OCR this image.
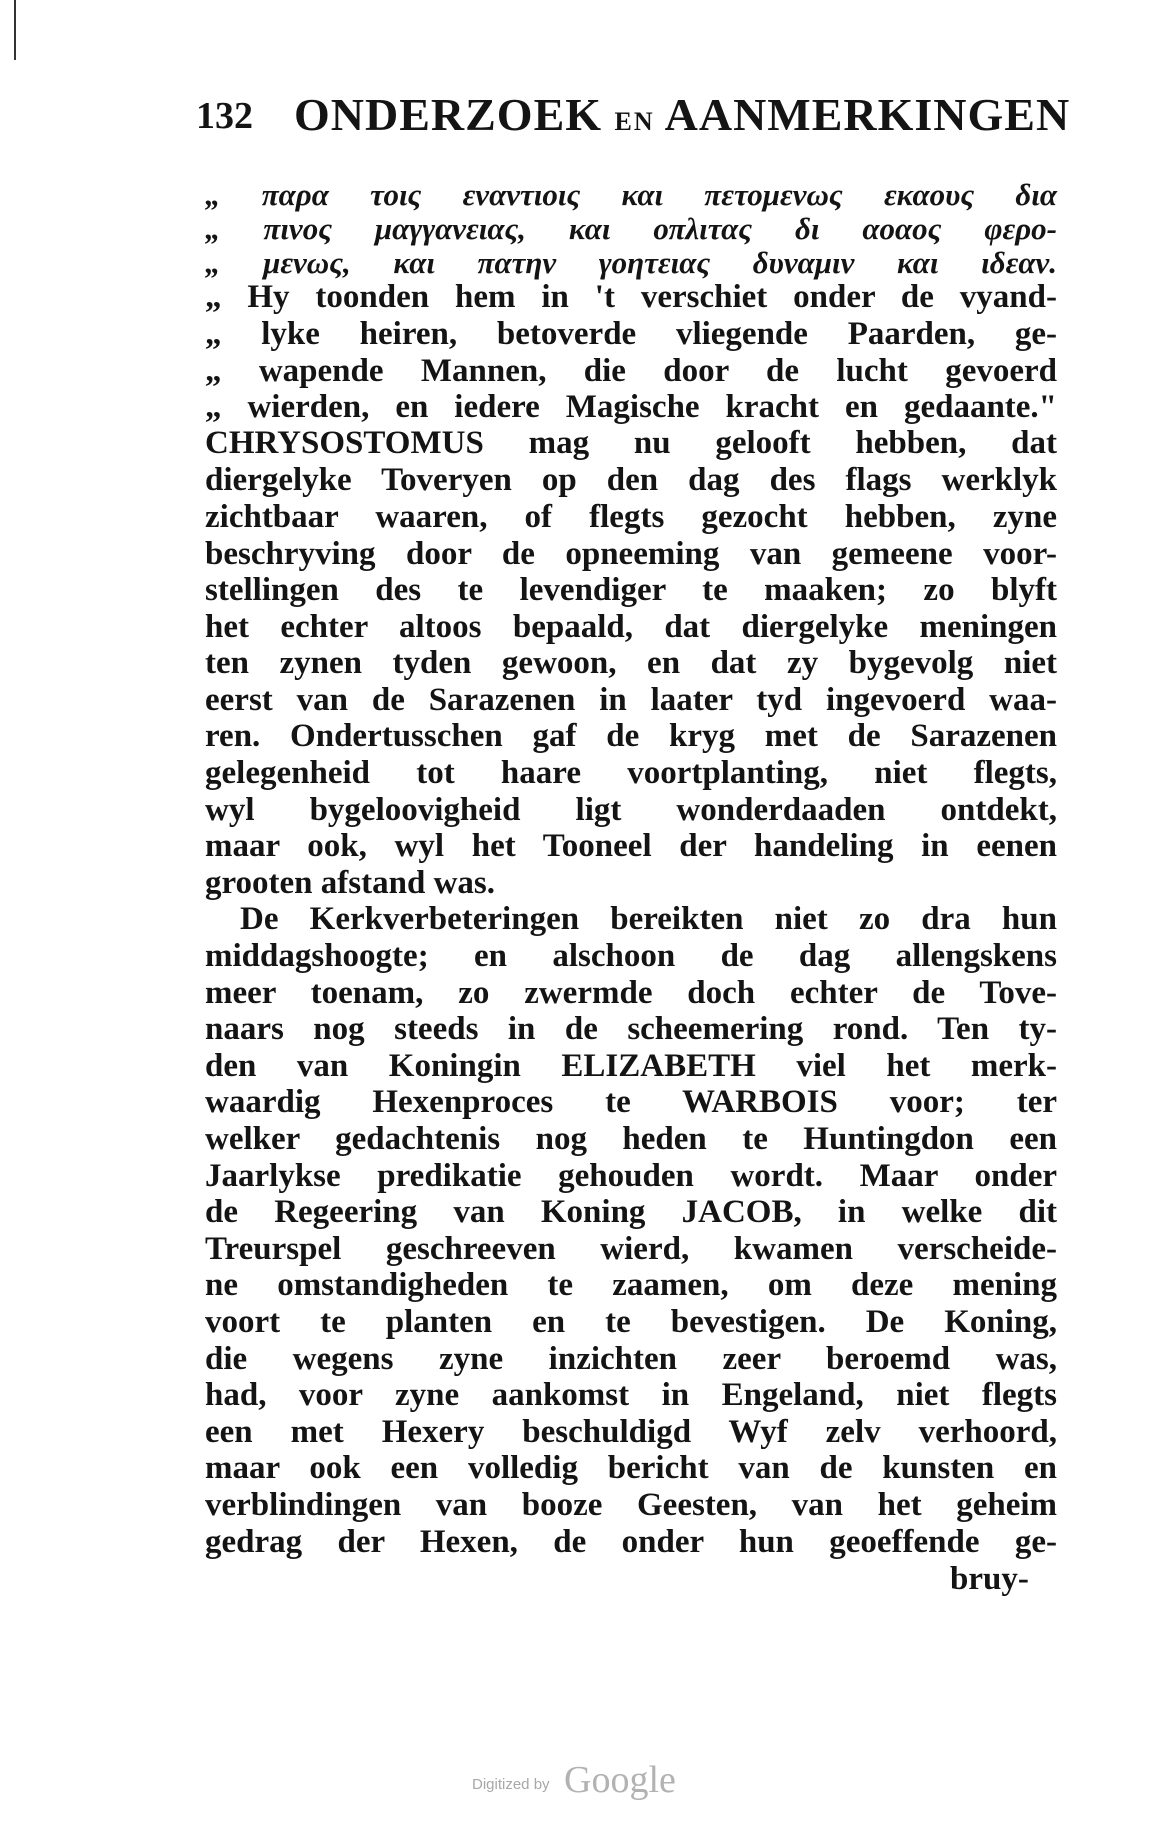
132 ONDERZOEK EN AANMERKINGEN
„ παρα τοις εναντιοις και πετομενως εκαους δια
„ πινος μαγγανειας, και οπλιτας δι αοαος φερο-
„ μενως, και πατην γοητειας δυναμιν και ιδεαν.
„ Hy toonden hem in 't verschiet onder de vyand-
„ lyke heiren, betoverde vliegende Paarden, ge-
„ wapende Mannen, die door de lucht gevoerd
„ wierden, en iedere Magische kracht en gedaante."
CHRYSOSTOMUS mag nu gelooft hebben, dat
diergelyke Toveryen op den dag des flags werklyk
zichtbaar waaren, of flegts gezocht hebben, zyne
beschryving door de opneeming van gemeene voor-
stellingen des te levendiger te maaken; zo blyft
het echter altoos bepaald, dat diergelyke meningen
ten zynen tyden gewoon, en dat zy bygevolg niet
eerst van de Sarazenen in laater tyd ingevoerd waa-
ren. Ondertusschen gaf de kryg met de Sarazenen
gelegenheid tot haare voortplanting, niet flegts,
wyl bygeloovigheid ligt wonderdaaden ontdekt,
maar ook, wyl het Tooneel der handeling in eenen
grooten afstand was.
De Kerkverbeteringen bereikten niet zo dra hun
middagshoogte; en alschoon de dag allengskens
meer toenam, zo zwermde doch echter de Tove-
naars nog steeds in de scheemering rond. Ten ty-
den van Koningin ELIZABETH viel het merk-
waardig Hexenproces te WARBOIS voor; ter
welker gedachtenis nog heden te Huntingdon een
Jaarlykse predikatie gehouden wordt. Maar onder
de Regeering van Koning JACOB, in welke dit
Treurspel geschreeven wierd, kwamen verscheide-
ne omstandigheden te zaamen, om deze mening
voort te planten en te bevestigen. De Koning,
die wegens zyne inzichten zeer beroemd was,
had, voor zyne aankomst in Engeland, niet flegts
een met Hexery beschuldigd Wyf zelv verhoord,
maar ook een volledig bericht van de kunsten en
verblindingen van booze Geesten, van het geheim
gedrag der Hexen, de onder hun geoeffende ge-
bruy-
Digitized by Google
